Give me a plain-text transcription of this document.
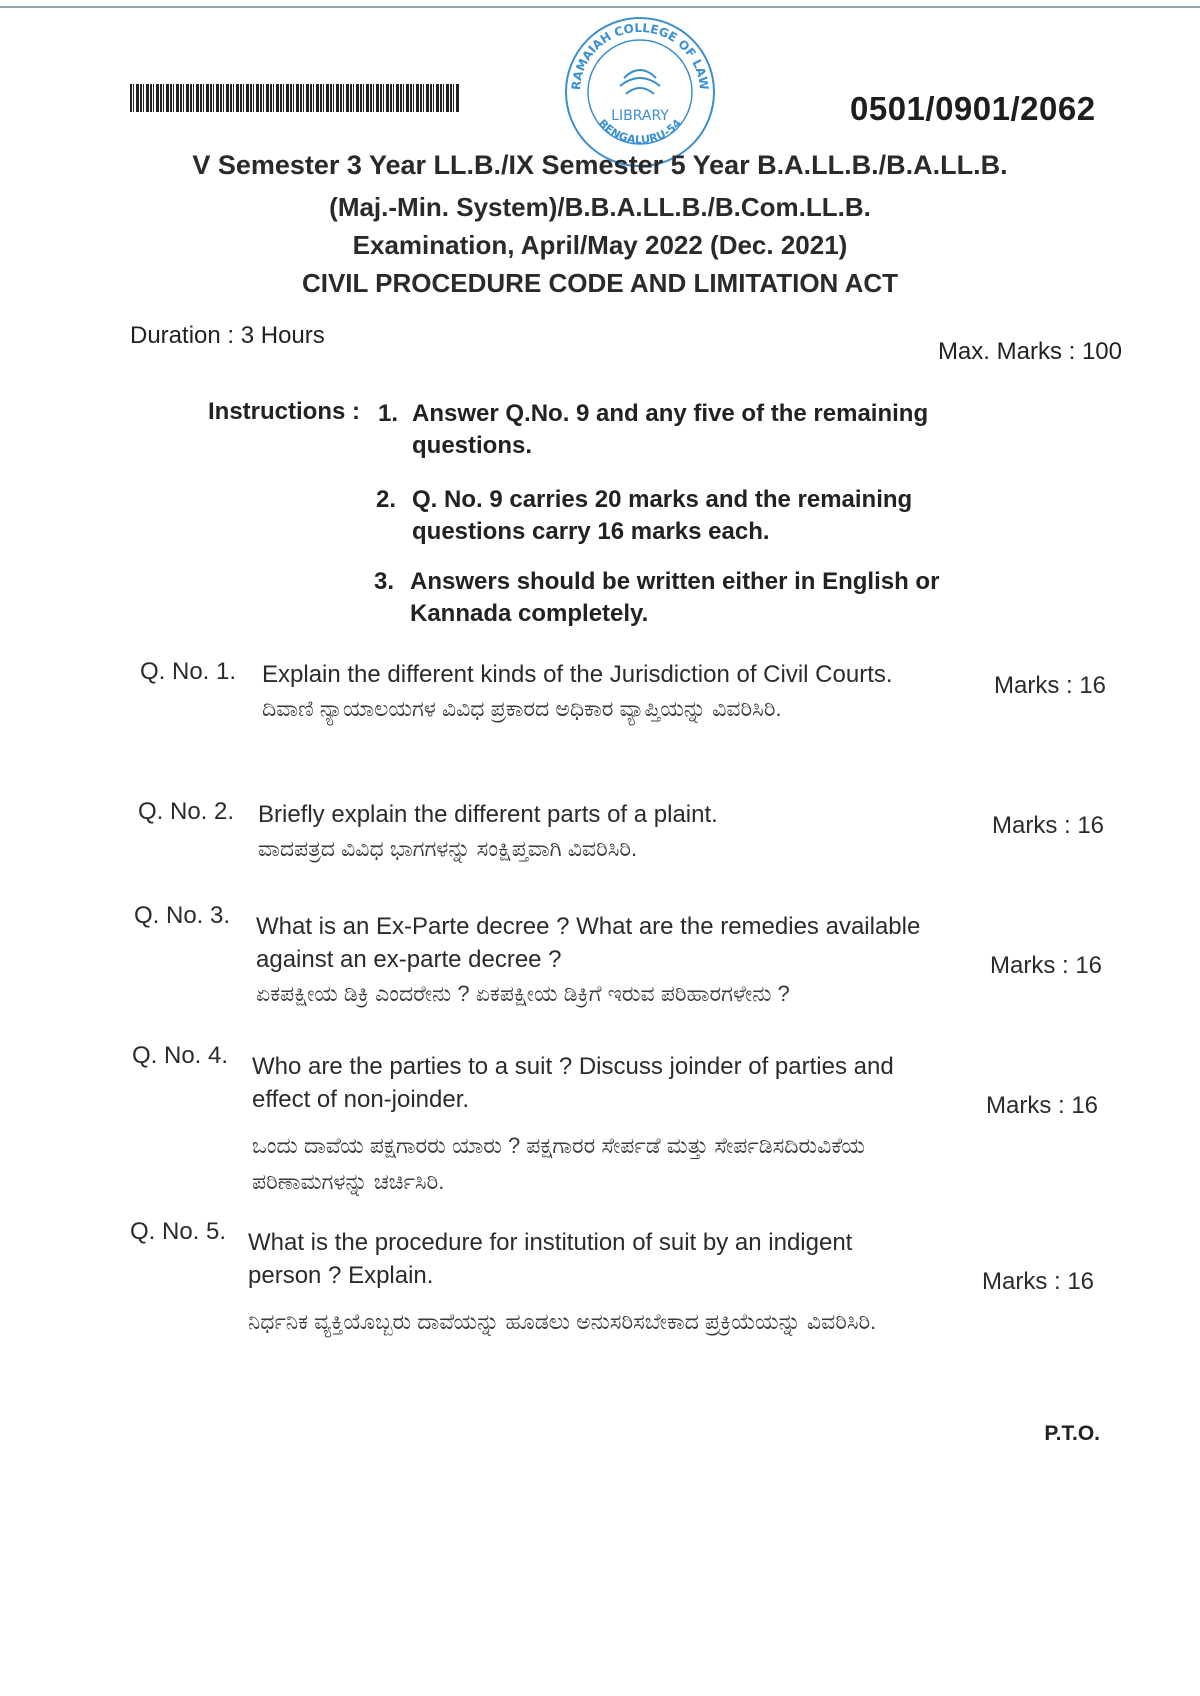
RAMAIAH COLLEGE OF LAW
BENGALURU-54
LIBRARY	0501/0901/2062
V Semester 3 Year LL.B./IX Semester 5 Year B.A.LL.B./B.A.LL.B.
(Maj.-Min. System)/B.B.A.LL.B./B.Com.LL.B.
Examination, April/May 2022 (Dec. 2021)
CIVIL PROCEDURE CODE AND LIMITATION ACT
Duration : 3 Hours
Max. Marks : 100
Instructions : 1. Answer Q.No. 9 and any five of the remaining questions.
2. Q. No. 9 carries 20 marks and the remaining questions carry 16 marks each.
3. Answers should be written either in English or Kannada completely.
Q. No. 1. Explain the different kinds of the Jurisdiction of Civil Courts.
ದಿವಾಣಿ ನ್ಯಾಯಾಲಯಗಳ ವಿವಿಧ ಪ್ರಕಾರದ ಅಧಿಕಾರ ವ್ಯಾಪ್ತಿಯನ್ನು ವಿವರಿಸಿರಿ.
Marks : 16
Q. No. 2. Briefly explain the different parts of a plaint.
ವಾದಪತ್ರದ ವಿವಿಧ ಭಾಗಗಳನ್ನು ಸಂಕ್ಷಿಪ್ತವಾಗಿ ವಿವರಿಸಿರಿ.
Marks : 16
Q. No. 3. What is an Ex-Parte decree ? What are the remedies available against an ex-parte decree ?
ಏಕಪಕ್ಷೀಯ ಡಿಕ್ರಿ ಎಂದರೇನು ? ಏಕಪಕ್ಷೀಯ ಡಿಕ್ರಿಗೆ ಇರುವ ಪರಿಹಾರಗಳೇನು ?
Marks : 16
Q. No. 4. Who are the parties to a suit ? Discuss joinder of parties and effect of non-joinder.
ಒಂದು ದಾವೆಯ ಪಕ್ಷಗಾರರು ಯಾರು ? ಪಕ್ಷಗಾರರ ಸೇರ್ಪಡೆ ಮತ್ತು ಸೇರ್ಪಡಿಸದಿರುವಿಕೆಯ ಪರಿಣಾಮಗಳನ್ನು ಚರ್ಚಿಸಿರಿ.
Marks : 16
Q. No. 5. What is the procedure for institution of suit by an indigent person ? Explain.
ನಿರ್ಧನಿಕ ವ್ಯಕ್ತಿಯೊಬ್ಬರು ದಾವೆಯನ್ನು ಹೂಡಲು ಅನುಸರಿಸಬೇಕಾದ ಪ್ರಕ್ರಿಯೆಯನ್ನು ವಿವರಿಸಿರಿ.
Marks : 16
P.T.O.
